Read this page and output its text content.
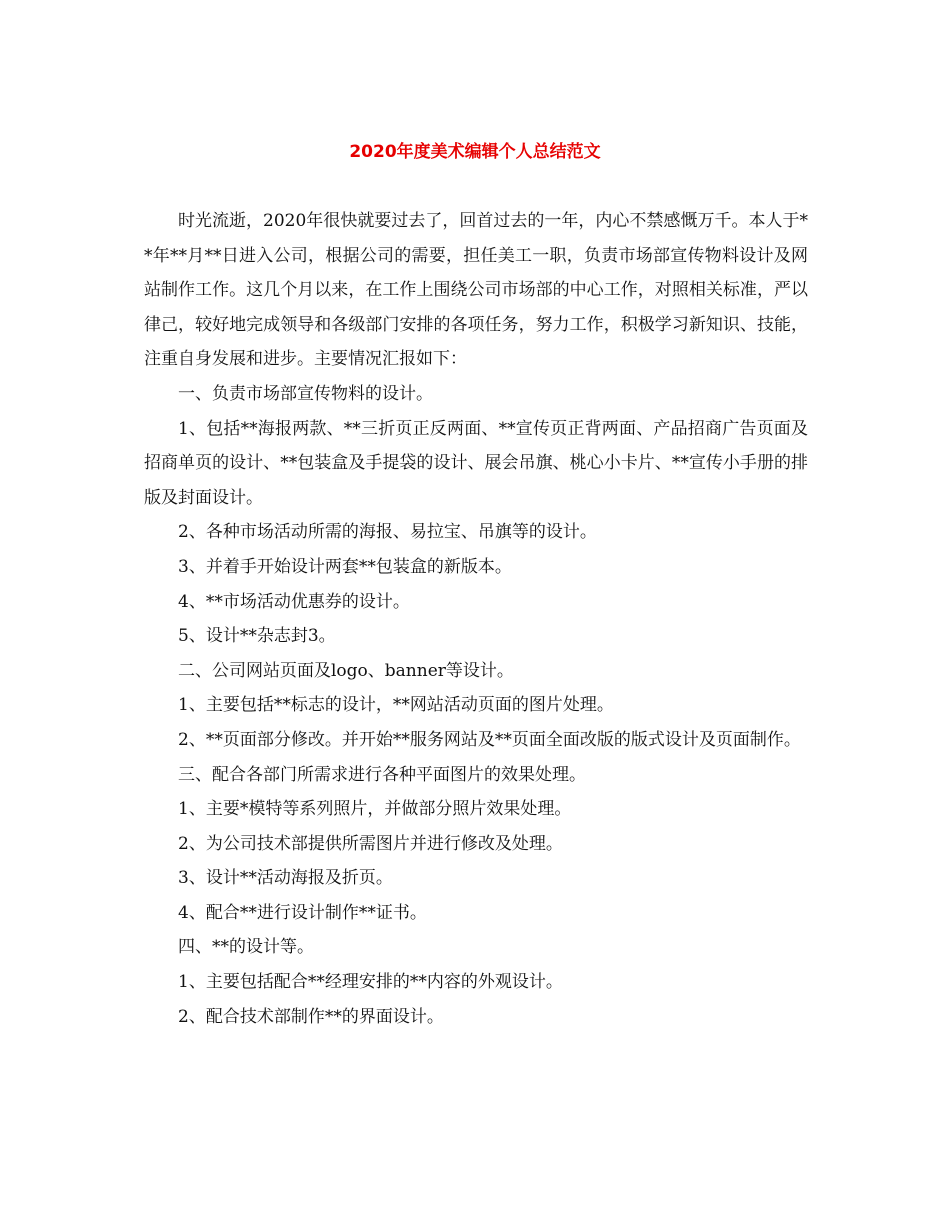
2020年度美术编辑个人总结范文

时光流逝，2020年很快就要过去了，回首过去的一年，内心不禁感慨万千。本人于**年**月**日进入公司，根据公司的需要，担任美工一职，负责市场部宣传物料设计及网站制作工作。这几个月以来，在工作上围绕公司市场部的中心工作，对照相关标准，严以律己，较好地完成领导和各级部门安排的各项任务，努力工作，积极学习新知识、技能，注重自身发展和进步。主要情况汇报如下：

一、负责市场部宣传物料的设计。

1、包括**海报两款、**三折页正反两面、**宣传页正背两面、产品招商广告页面及招商单页的设计、**包装盒及手提袋的设计、展会吊旗、桃心小卡片、**宣传小手册的排版及封面设计。

2、各种市场活动所需的海报、易拉宝、吊旗等的设计。

3、并着手开始设计两套**包装盒的新版本。

4、**市场活动优惠券的设计。

5、设计**杂志封3。

二、公司网站页面及logo、banner等设计。

1、主要包括**标志的设计，**网站活动页面的图片处理。

2、**页面部分修改。并开始**服务网站及**页面全面改版的版式设计及页面制作。

三、配合各部门所需求进行各种平面图片的效果处理。

1、主要*模特等系列照片，并做部分照片效果处理。

2、为公司技术部提供所需图片并进行修改及处理。

3、设计**活动海报及折页。

4、配合**进行设计制作**证书。

四、**的设计等。

1、主要包括配合**经理安排的**内容的外观设计。

2、配合技术部制作**的界面设计。
